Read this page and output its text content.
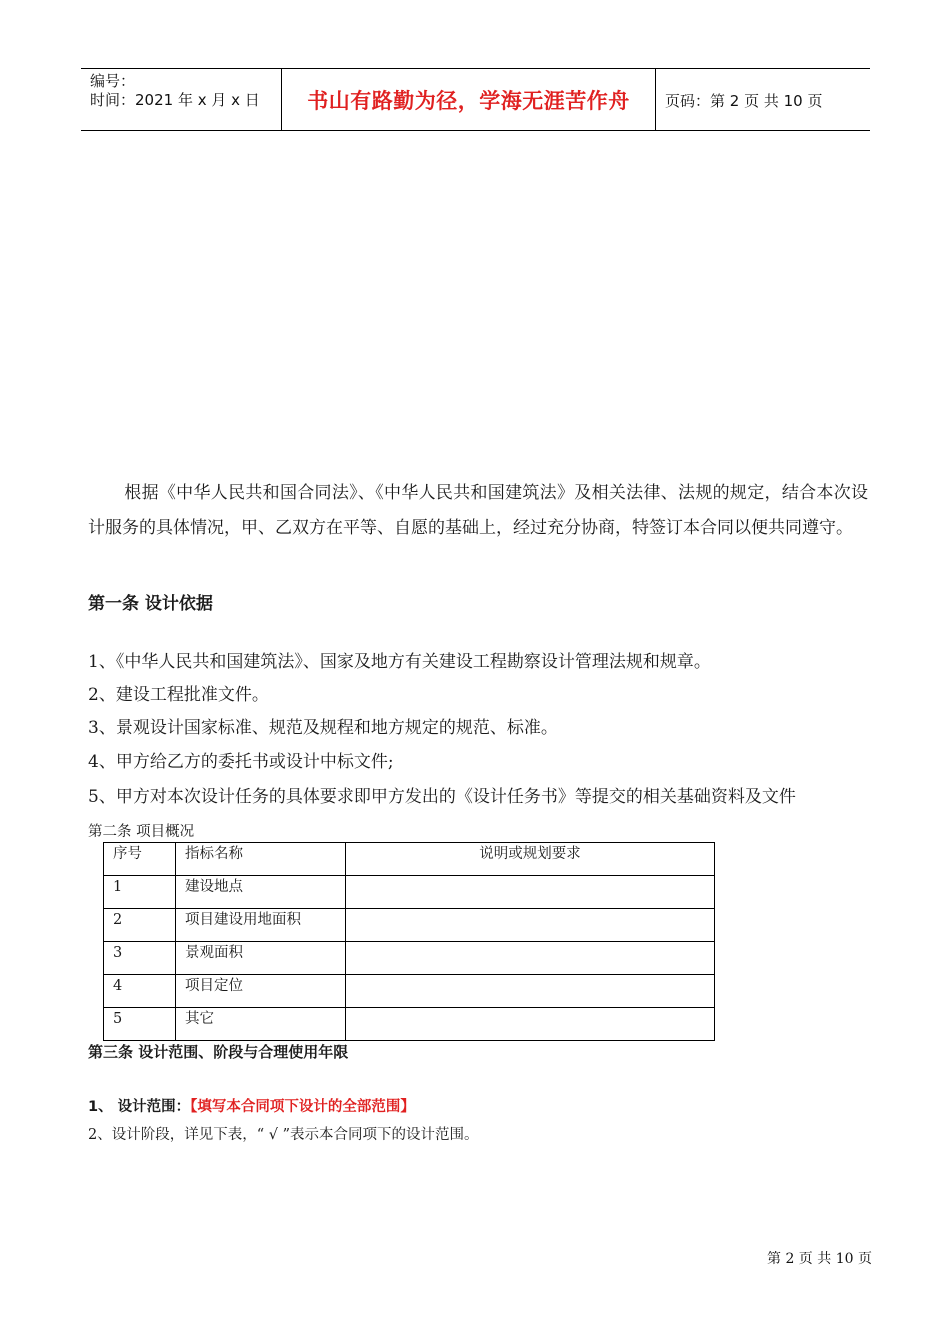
编号：
时间：2021 年 x 月 x 日	书山有路勤为径，学海无涯苦作舟	页码：第 2 页 共 10 页
根据《中华人民共和国合同法》、《中华人民共和国建筑法》及相关法律、法规的规定，结合本次设计服务的具体情况，甲、乙双方在平等、自愿的基础上，经过充分协商，特签订本合同以便共同遵守。
第一条 设计依据
1、《中华人民共和国建筑法》、国家及地方有关建设工程勘察设计管理法规和规章。
2、建设工程批准文件。
3、景观设计国家标准、规范及规程和地方规定的规范、标准。
4、甲方给乙方的委托书或设计中标文件;
5、甲方对本次设计任务的具体要求即甲方发出的《设计任务书》等提交的相关基础资料及文件
第二条 项目概况
序号	指标名称	说明或规划要求
1	建设地点	
2	项目建设用地面积	
3	景观面积	
4	项目定位	
5	其它	
第三条 设计范围、阶段与合理使用年限
1、 设计范围：【填写本合同项下设计的全部范围】
2、设计阶段，详见下表，“ √ ”表示本合同项下的设计范围。
第 2 页 共 10 页
